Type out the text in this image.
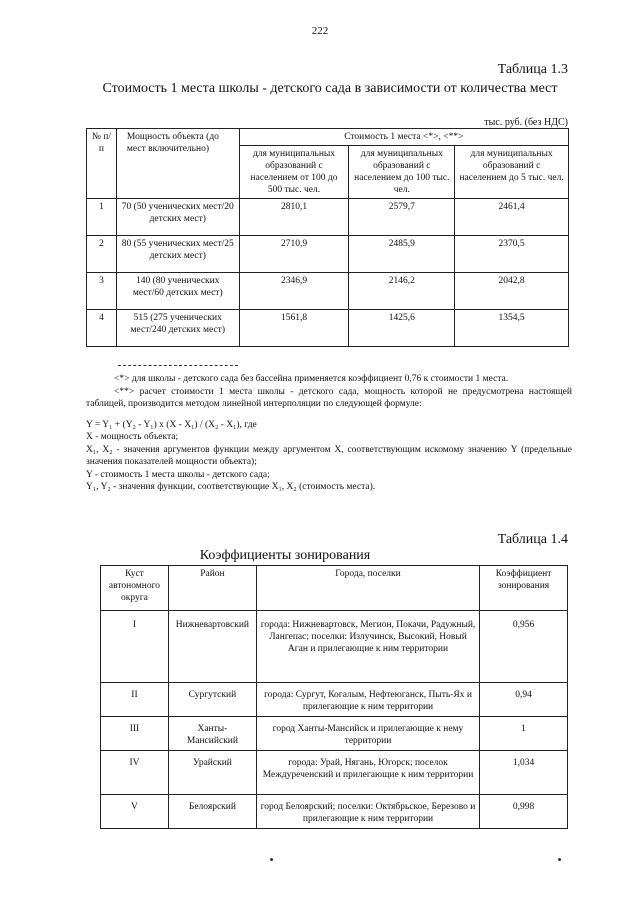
222
Таблица 1.3
Стоимость 1 места школы - детского сада в зависимости от количества мест
тыс. руб. (без НДС)
№ п/п	Мощность объекта (до мест включительно)	Стоимость 1 места <*>, <**>		
		для муниципальных образований с населением от 100 до 500 тыс. чел.	для муниципальных образований с населением до 100 тыс. чел.	для муниципальных образований с населением до 5 тыс. чел.
1	70 (50 ученических мест/20 детских мест)	2810,1	2579,7	2461,4
2	80 (55 ученических мест/25 детских мест)	2710,9	2485,9	2370,5
3	140 (80 ученических мест/60 детских мест)	2346,9	2146,2	2042,8
4	515 (275 ученических мест/240 детских мест)	1561,8	1425,6	1354,5

<*> для школы - детского сада без бассейна применяется коэффициент 0,76 к стоимости 1 места.

<**> расчет стоимости 1 места школы - детского сада, мощность которой не предусмотрена настоящей таблицей, производится методом линейной интерполяции по следующей формуле:

Y = Y₁ + (Y₂ - Y₁) x (X - X₁) / (X₂ - X₁), где

X - мощность объекта;

X₁, X₂ - значения аргументов функции между аргументом X, соответствующим искомому значению Y (предельные значения показателей мощности объекта);

Y - стоимость 1 места школы - детского сада;

Y₁, Y₂ - значения функции, соответствующие X₁, X₂ (стоимость места).

Таблица 1.4
Коэффициенты зонирования
Куст автономного округа	Район	Города, поселки	Коэффициент зонирования
I	Нижневартовский	города: Нижневартовск, Мегион, Покачи, Радужный, Лангепас; поселки: Излучинск, Высокий, Новый Аган и прилегающие к ним территории	0,956
II	Сургутский	города: Сургут, Когалым, Нефтеюганск, Пыть-Ях и прилегающие к ним территории	0,94
III	Ханты-Мансийский	город Ханты-Мансийск и прилегающие к нему территории	1
IV	Урайский	города: Урай, Нягань, Югорск; поселок Междуреченский и прилегающие к ним территории	1,034
V	Белоярский	город Белоярский; поселки: Октябрьское, Березово и прилегающие к ним территории	0,998
